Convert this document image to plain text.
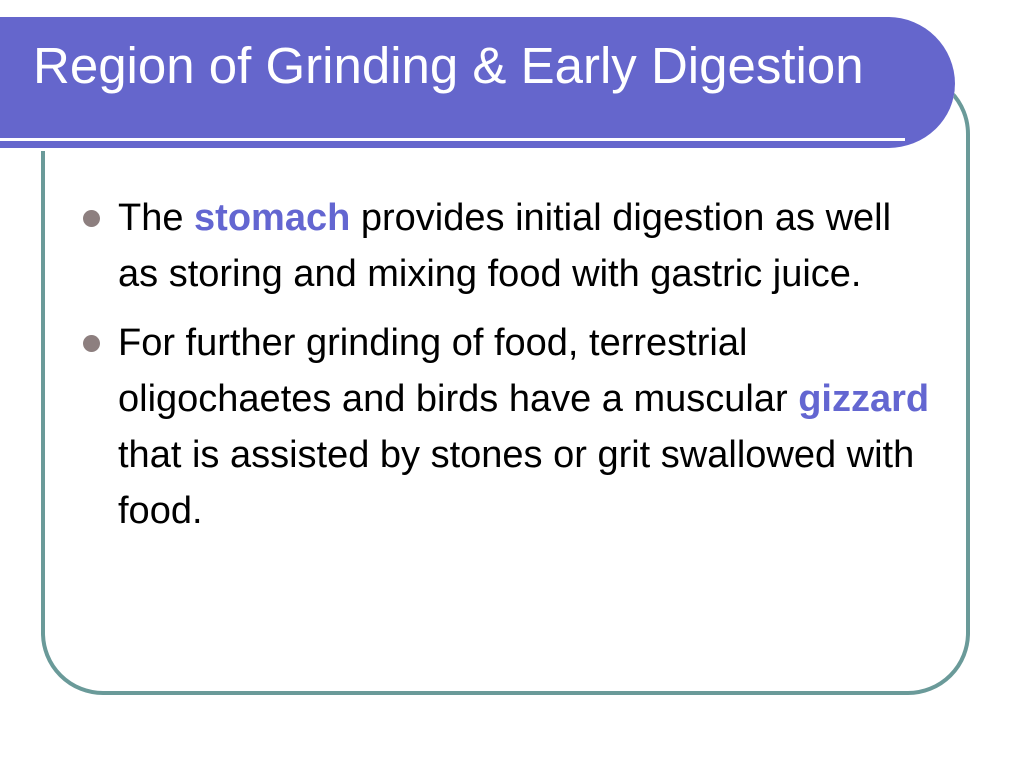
Region of Grinding & Early Digestion
The stomach provides initial digestion as well as storing and mixing food with gastric juice.
For further grinding of food, terrestrial oligochaetes and birds have a muscular gizzard that is assisted by stones or grit swallowed with food.
